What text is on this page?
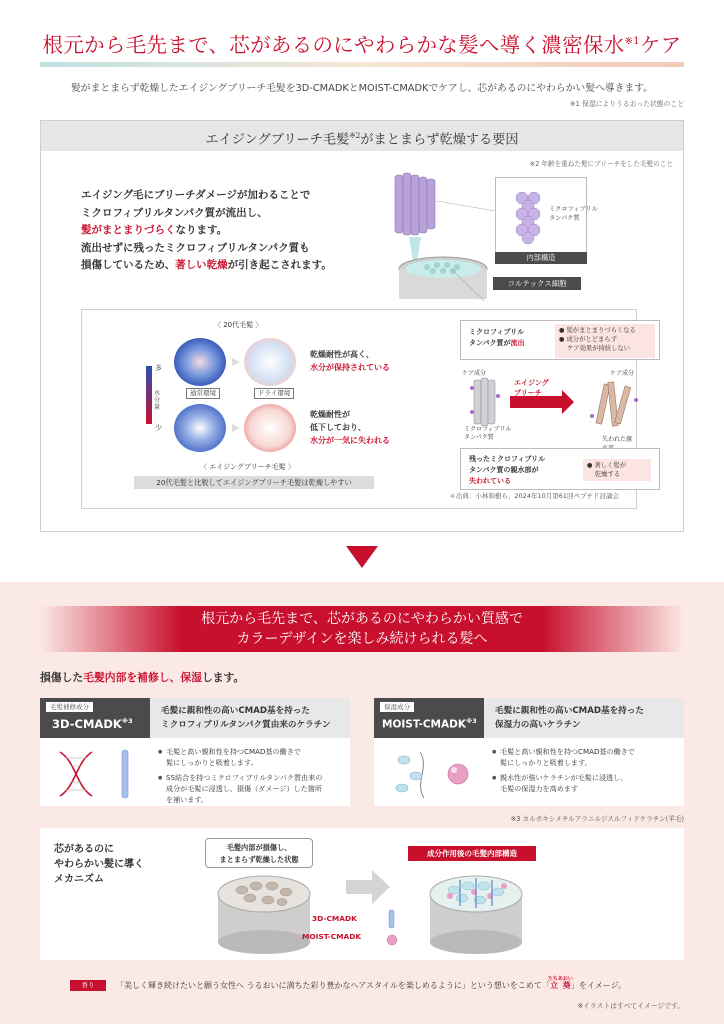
根元から毛先まで、芯があるのにやわらかな髪へ導く濃密保水$^{※1}$ケア
髪がまとまらず乾燥したエイジングブリーチ毛髪を3D-CMADKとMOIST-CMADKでケアし、芯があるのにやわらかい髪へ導きます。
※1 保湿によりうるおった状態のこと
エイジングブリーチ毛髪$^{※2}$がまとまらず乾燥する要因
※2 年齢を重ねた髪にブリーチをした毛髪のこと
エイジング毛にブリーチダメージが加わることで
ミクロフィブリルタンパク質が流出し、
髪がまとまりづらくなります。
流出せずに残ったミクロフィブリルタンパク質も
損傷しているため、著しい乾燥が引き起こされます。
ミクロフィブリル
タンパク質
内部構造
コルテックス細胞
〈 20代毛髪 〉
多
水分量
少
通常環境	ドライ環境
〈 エイジングブリーチ毛髪 〉
乾燥耐性が高く、
水分が保持されている
乾燥耐性が
低下しており、
水分が一気に失われる
ミクロフィブリル
タンパク質が流出
● 髪がまとまりづらくなる
● 成分がとどまらず
ケア効果が持続しない
ケア成分	ケア成分
ミクロフィブリル
タンパク質
エイジング
ブリーチ
失われた親
残ったミクロフィブリル
タンパク質の親水部が
失われている
● 著しく髪が
乾燥する
20代毛髪と比較してエイジングブリーチ毛髪は乾燥しやすい
＊出典：小林和樹ら、2024年10月第61回ペプチド討論会
根元から毛先まで、芯があるのにやわらかい質感で
カラーデザインを楽しみ続けられる髪へ
損傷した毛髪内部を補修し、保湿します。
毛髪補修成分
3D-CMADK$^{※3}$
毛髪に親和性の高いCMAD基を持った
ミクロフィブリルタンパク質由来のケラチン
● 毛髪と高い親和性を持つCMAD基の働きで
髪にしっかりと吸着します。
● SS結合を持つミクロフィブリルタンパク質由来の
成分が毛髪に浸透し、損傷（ダメージ）した箇所
を補います。
保湿成分
MOIST-CMADK$^{※3}$
毛髪に親和性の高いCMAD基を持った
保湿力の高いケラチン
● 毛髪と高い親和性を持つCMAD基の働きで
髪にしっかりと吸着します。
● 親水性が強いケラチンが毛髪に浸透し、
毛髪の保湿力を高めます
※3 カルボキシメチルアラニルジスルフィドケラチン(羊毛)
芯があるのに
やわらかい髪に導く
メカニズム
毛髪内部が損傷し、
まとまらず乾燥した状態
3D-CMADK
MOIST-CMADK
成分作用後の毛髪内部構造
香り	「美しく輝き続けたいと願う女性へ うるおいに満ちた彩り豊かなヘアスタイルを楽しめるように」という想いをこめて「立葵たちあおい」をイメージ。
※イラストはすべてイメージです。
